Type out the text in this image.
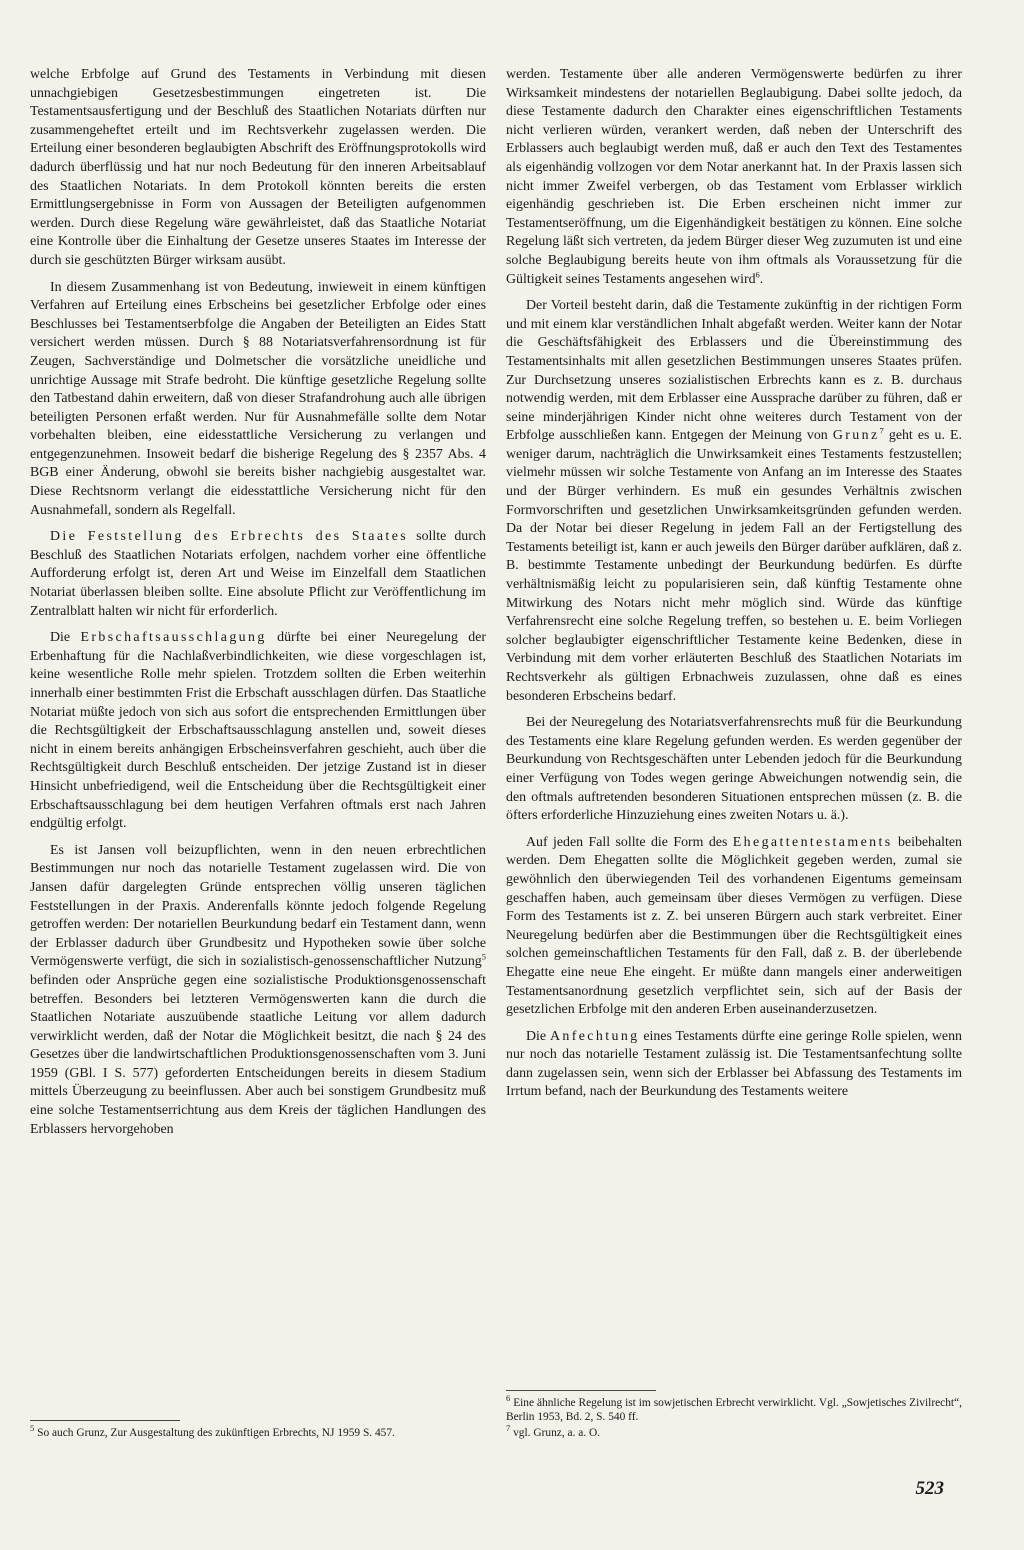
welche Erbfolge auf Grund des Testaments in Verbindung mit diesen unnachgiebigen Gesetzesbestimmungen eingetreten ist. Die Testamentsausfertigung und der Beschluß des Staatlichen Notariats dürften nur zusammengeheftet erteilt und im Rechtsverkehr zugelassen werden. Die Erteilung einer besonderen beglaubigten Abschrift des Eröffnungsprotokolls wird dadurch überflüssig und hat nur noch Bedeutung für den inneren Arbeitsablauf des Staatlichen Notariats. In dem Protokoll könnten bereits die ersten Ermittlungsergebnisse in Form von Aussagen der Beteiligten aufgenommen werden. Durch diese Regelung wäre gewährleistet, daß das Staatliche Notariat eine Kontrolle über die Einhaltung der Gesetze unseres Staates im Interesse der durch sie geschützten Bürger wirksam ausübt.

In diesem Zusammenhang ist von Bedeutung, inwieweit in einem künftigen Verfahren auf Erteilung eines Erbscheins bei gesetzlicher Erbfolge oder eines Beschlusses bei Testamentserbfolge die Angaben der Beteiligten an Eides Statt versichert werden müssen. Durch § 88 Notariatsverfahrensordnung ist für Zeugen, Sachverständige und Dolmetscher die vorsätzliche uneidliche und unrichtige Aussage mit Strafe bedroht. Die künftige gesetzliche Regelung sollte den Tatbestand dahin erweitern, daß von dieser Strafandrohung auch alle übrigen beteiligten Personen erfaßt werden. Nur für Ausnahmefälle sollte dem Notar vorbehalten bleiben, eine eidesstattliche Versicherung zu verlangen und entgegenzunehmen. Insoweit bedarf die bisherige Regelung des § 2357 Abs. 4 BGB einer Änderung, obwohl sie bereits bisher nachgiebig ausgestaltet war. Diese Rechtsnorm verlangt die eidesstattliche Versicherung nicht für den Ausnahmefall, sondern als Regelfall.

Die Feststellung des Erbrechts des Staates sollte durch Beschluß des Staatlichen Notariats erfolgen, nachdem vorher eine öffentliche Aufforderung erfolgt ist, deren Art und Weise im Einzelfall dem Staatlichen Notariat überlassen bleiben sollte. Eine absolute Pflicht zur Veröffentlichung im Zentralblatt halten wir nicht für erforderlich.

Die Erbschaftsausschlagung dürfte bei einer Neuregelung der Erbenhaftung für die Nachlaßverbindlichkeiten, wie diese vorgeschlagen ist, keine wesentliche Rolle mehr spielen. Trotzdem sollten die Erben weiterhin innerhalb einer bestimmten Frist die Erbschaft ausschlagen dürfen. Das Staatliche Notariat müßte jedoch von sich aus sofort die entsprechenden Ermittlungen über die Rechtsgültigkeit der Erbschaftsausschlagung anstellen und, soweit dieses nicht in einem bereits anhängigen Erbscheinsverfahren geschieht, auch über die Rechtsgültigkeit durch Beschluß entscheiden. Der jetzige Zustand ist in dieser Hinsicht unbefriedigend, weil die Entscheidung über die Rechtsgültigkeit einer Erbschaftsausschlagung bei dem heutigen Verfahren oftmals erst nach Jahren endgültig erfolgt.

Es ist Jansen voll beizupflichten, wenn in den neuen erbrechtlichen Bestimmungen nur noch das notarielle Testament zugelassen wird. Die von Jansen dafür dargelegten Gründe entsprechen völlig unseren täglichen Feststellungen in der Praxis. Anderenfalls könnte jedoch folgende Regelung getroffen werden: Der notariellen Beurkundung bedarf ein Testament dann, wenn der Erblasser dadurch über Grundbesitz und Hypotheken sowie über solche Vermögenswerte verfügt, die sich in sozialistisch-genossenschaftlicher Nutzung$^5$ befinden oder Ansprüche gegen eine sozialistische Produktionsgenossenschaft betreffen. Besonders bei letzteren Vermögenswerten kann die durch die Staatlichen Notariate auszuübende staatliche Leitung vor allem dadurch verwirklicht werden, daß der Notar die Möglichkeit besitzt, die nach § 24 des Gesetzes über die landwirtschaftlichen Produktionsgenossenschaften vom 3. Juni 1959 (GBl. I S. 577) geforderten Entscheidungen bereits in diesem Stadium mittels Überzeugung zu beeinflussen. Aber auch bei sonstigem Grundbesitz muß eine solche Testamentserrichtung aus dem Kreis der täglichen Handlungen des Erblassers hervorgehoben

werden. Testamente über alle anderen Vermögenswerte bedürfen zu ihrer Wirksamkeit mindestens der notariellen Beglaubigung. Dabei sollte jedoch, da diese Testamente dadurch den Charakter eines eigenschriftlichen Testaments nicht verlieren würden, verankert werden, daß neben der Unterschrift des Erblassers auch beglaubigt werden muß, daß er auch den Text des Testamentes als eigenhändig vollzogen vor dem Notar anerkannt hat. In der Praxis lassen sich nicht immer Zweifel verbergen, ob das Testament vom Erblasser wirklich eigenhändig geschrieben ist. Die Erben erscheinen nicht immer zur Testamentseröffnung, um die Eigenhändigkeit bestätigen zu können. Eine solche Regelung läßt sich vertreten, da jedem Bürger dieser Weg zuzumuten ist und eine solche Beglaubigung bereits heute von ihm oftmals als Voraussetzung für die Gültigkeit seines Testaments angesehen wird$^6$.

Der Vorteil besteht darin, daß die Testamente zukünftig in der richtigen Form und mit einem klar verständlichen Inhalt abgefaßt werden. Weiter kann der Notar die Geschäftsfähigkeit des Erblassers und die Übereinstimmung des Testamentsinhalts mit allen gesetzlichen Bestimmungen unseres Staates prüfen. Zur Durchsetzung unseres sozialistischen Erbrechts kann es z. B. durchaus notwendig werden, mit dem Erblasser eine Aussprache darüber zu führen, daß er seine minderjährigen Kinder nicht ohne weiteres durch Testament von der Erbfolge ausschließen kann. Entgegen der Meinung von Grunz$^7$ geht es u. E. weniger darum, nachträglich die Unwirksamkeit eines Testaments festzustellen; vielmehr müssen wir solche Testamente von Anfang an im Interesse des Staates und der Bürger verhindern. Es muß ein gesundes Verhältnis zwischen Formvorschriften und gesetzlichen Unwirksamkeitsgründen gefunden werden. Da der Notar bei dieser Regelung in jedem Fall an der Fertigstellung des Testaments beteiligt ist, kann er auch jeweils den Bürger darüber aufklären, daß z. B. bestimmte Testamente unbedingt der Beurkundung bedürfen. Es dürfte verhältnismäßig leicht zu popularisieren sein, daß künftig Testamente ohne Mitwirkung des Notars nicht mehr möglich sind. Würde das künftige Verfahrensrecht eine solche Regelung treffen, so bestehen u. E. beim Vorliegen solcher beglaubigter eigenschriftlicher Testamente keine Bedenken, diese in Verbindung mit dem vorher erläuterten Beschluß des Staatlichen Notariats im Rechtsverkehr als gültigen Erbnachweis zuzulassen, ohne daß es eines besonderen Erbscheins bedarf.

Bei der Neuregelung des Notariatsverfahrensrechts muß für die Beurkundung des Testaments eine klare Regelung gefunden werden. Es werden gegenüber der Beurkundung von Rechtsgeschäften unter Lebenden jedoch für die Beurkundung einer Verfügung von Todes wegen geringe Abweichungen notwendig sein, die den oftmals auftretenden besonderen Situationen entsprechen müssen (z. B. die öfters erforderliche Hinzuziehung eines zweiten Notars u. ä.).

Auf jeden Fall sollte die Form des Ehegattentestaments beibehalten werden. Dem Ehegatten sollte die Möglichkeit gegeben werden, zumal sie gewöhnlich den überwiegenden Teil des vorhandenen Eigentums gemeinsam geschaffen haben, auch gemeinsam über dieses Vermögen zu verfügen. Diese Form des Testaments ist z. Z. bei unseren Bürgern auch stark verbreitet. Einer Neuregelung bedürfen aber die Bestimmungen über die Rechtsgültigkeit eines solchen gemeinschaftlichen Testaments für den Fall, daß z. B. der überlebende Ehegatte eine neue Ehe eingeht. Er müßte dann mangels einer anderweitigen Testamentsanordnung gesetzlich verpflichtet sein, sich auf der Basis der gesetzlichen Erbfolge mit den anderen Erben auseinanderzusetzen.

Die Anfechtung eines Testaments dürfte eine geringe Rolle spielen, wenn nur noch das notarielle Testament zulässig ist. Die Testamentsanfechtung sollte dann zugelassen sein, wenn sich der Erblasser bei Abfassung des Testaments im Irrtum befand, nach der Beurkundung des Testaments weitere

$^5$ So auch Grunz, Zur Ausgestaltung des zukünftigen Erbrechts, NJ 1959 S. 457.

$^6$ Eine ähnliche Regelung ist im sowjetischen Erbrecht verwirklicht. Vgl. „Sowjetisches Zivilrecht“, Berlin 1953, Bd. 2, S. 540 ff.

$^7$ vgl. Grunz, a. a. O.

523
